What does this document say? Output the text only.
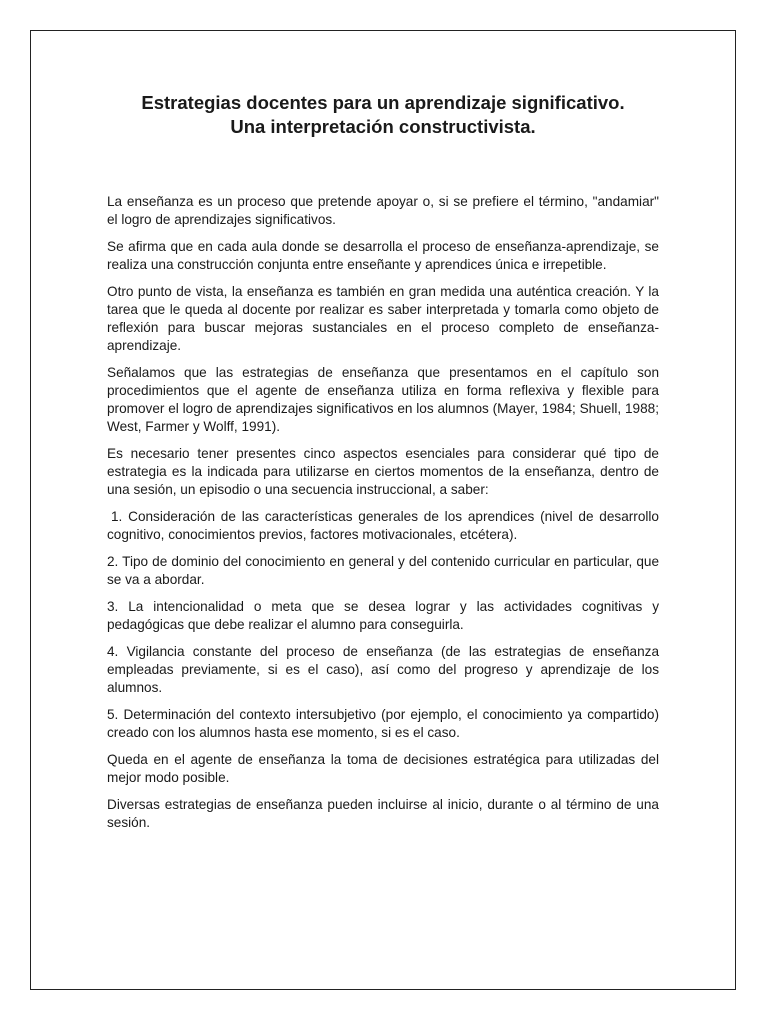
Estrategias docentes para un aprendizaje significativo.
Una interpretación constructivista.

La enseñanza es un proceso que pretende apoyar o, si se prefiere el término, "andamiar" el logro de aprendizajes significativos.

Se afirma que en cada aula donde se desarrolla el proceso de enseñanza-aprendizaje, se realiza una construcción conjunta entre enseñante y aprendices única e irrepetible.

Otro punto de vista, la enseñanza es también en gran medida una auténtica creación. Y la tarea que le queda al docente por realizar es saber interpretada y tomarla como objeto de reflexión para buscar mejoras sustanciales en el proceso completo de enseñanza-aprendizaje.

Señalamos que las estrategias de enseñanza que presentamos en el capítulo son procedimientos que el agente de enseñanza utiliza en forma reflexiva y flexible para promover el logro de aprendizajes significativos en los alumnos (Mayer, 1984; Shuell, 1988; West, Farmer y Wolff, 1991).

Es necesario tener presentes cinco aspectos esenciales para considerar qué tipo de estrategia es la indicada para utilizarse en ciertos momentos de la enseñanza, dentro de una sesión, un episodio o una secuencia instruccional, a saber:

1. Consideración de las características generales de los aprendices (nivel de desarrollo cognitivo, conocimientos previos, factores motivacionales, etcétera).

2. Tipo de dominio del conocimiento en general y del contenido curricular en particular, que se va a abordar.

3. La intencionalidad o meta que se desea lograr y las actividades cognitivas y pedagógicas que debe realizar el alumno para conseguirla.

4. Vigilancia constante del proceso de enseñanza (de las estrategias de enseñanza empleadas previamente, si es el caso), así como del progreso y aprendizaje de los alumnos.

5. Determinación del contexto intersubjetivo (por ejemplo, el conocimiento ya compartido) creado con los alumnos hasta ese momento, si es el caso.

Queda en el agente de enseñanza la toma de decisiones estratégica para utilizadas del mejor modo posible.

Diversas estrategias de enseñanza pueden incluirse al inicio, durante o al término de una sesión.
